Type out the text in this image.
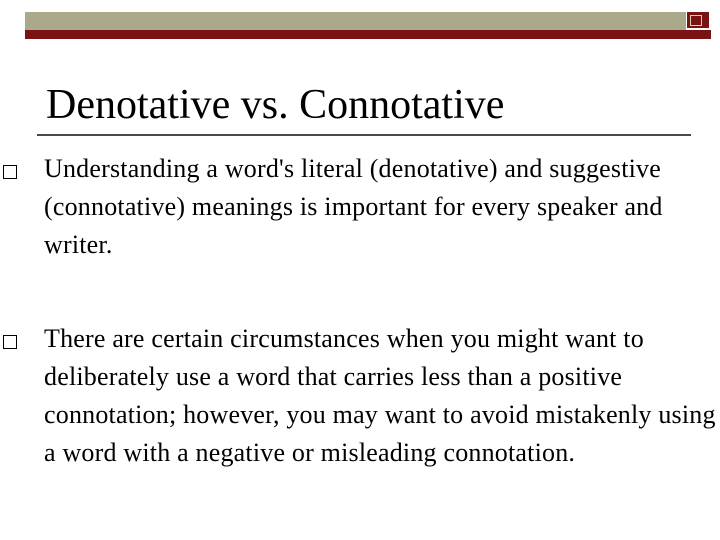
Denotative vs. Connotative

Understanding a word's literal (denotative) and suggestive (connotative) meanings is important for every speaker and writer.

There are certain circumstances when you might want to deliberately use a word that carries less than a positive connotation; however, you may want to avoid mistakenly using a word with a negative or misleading connotation.
